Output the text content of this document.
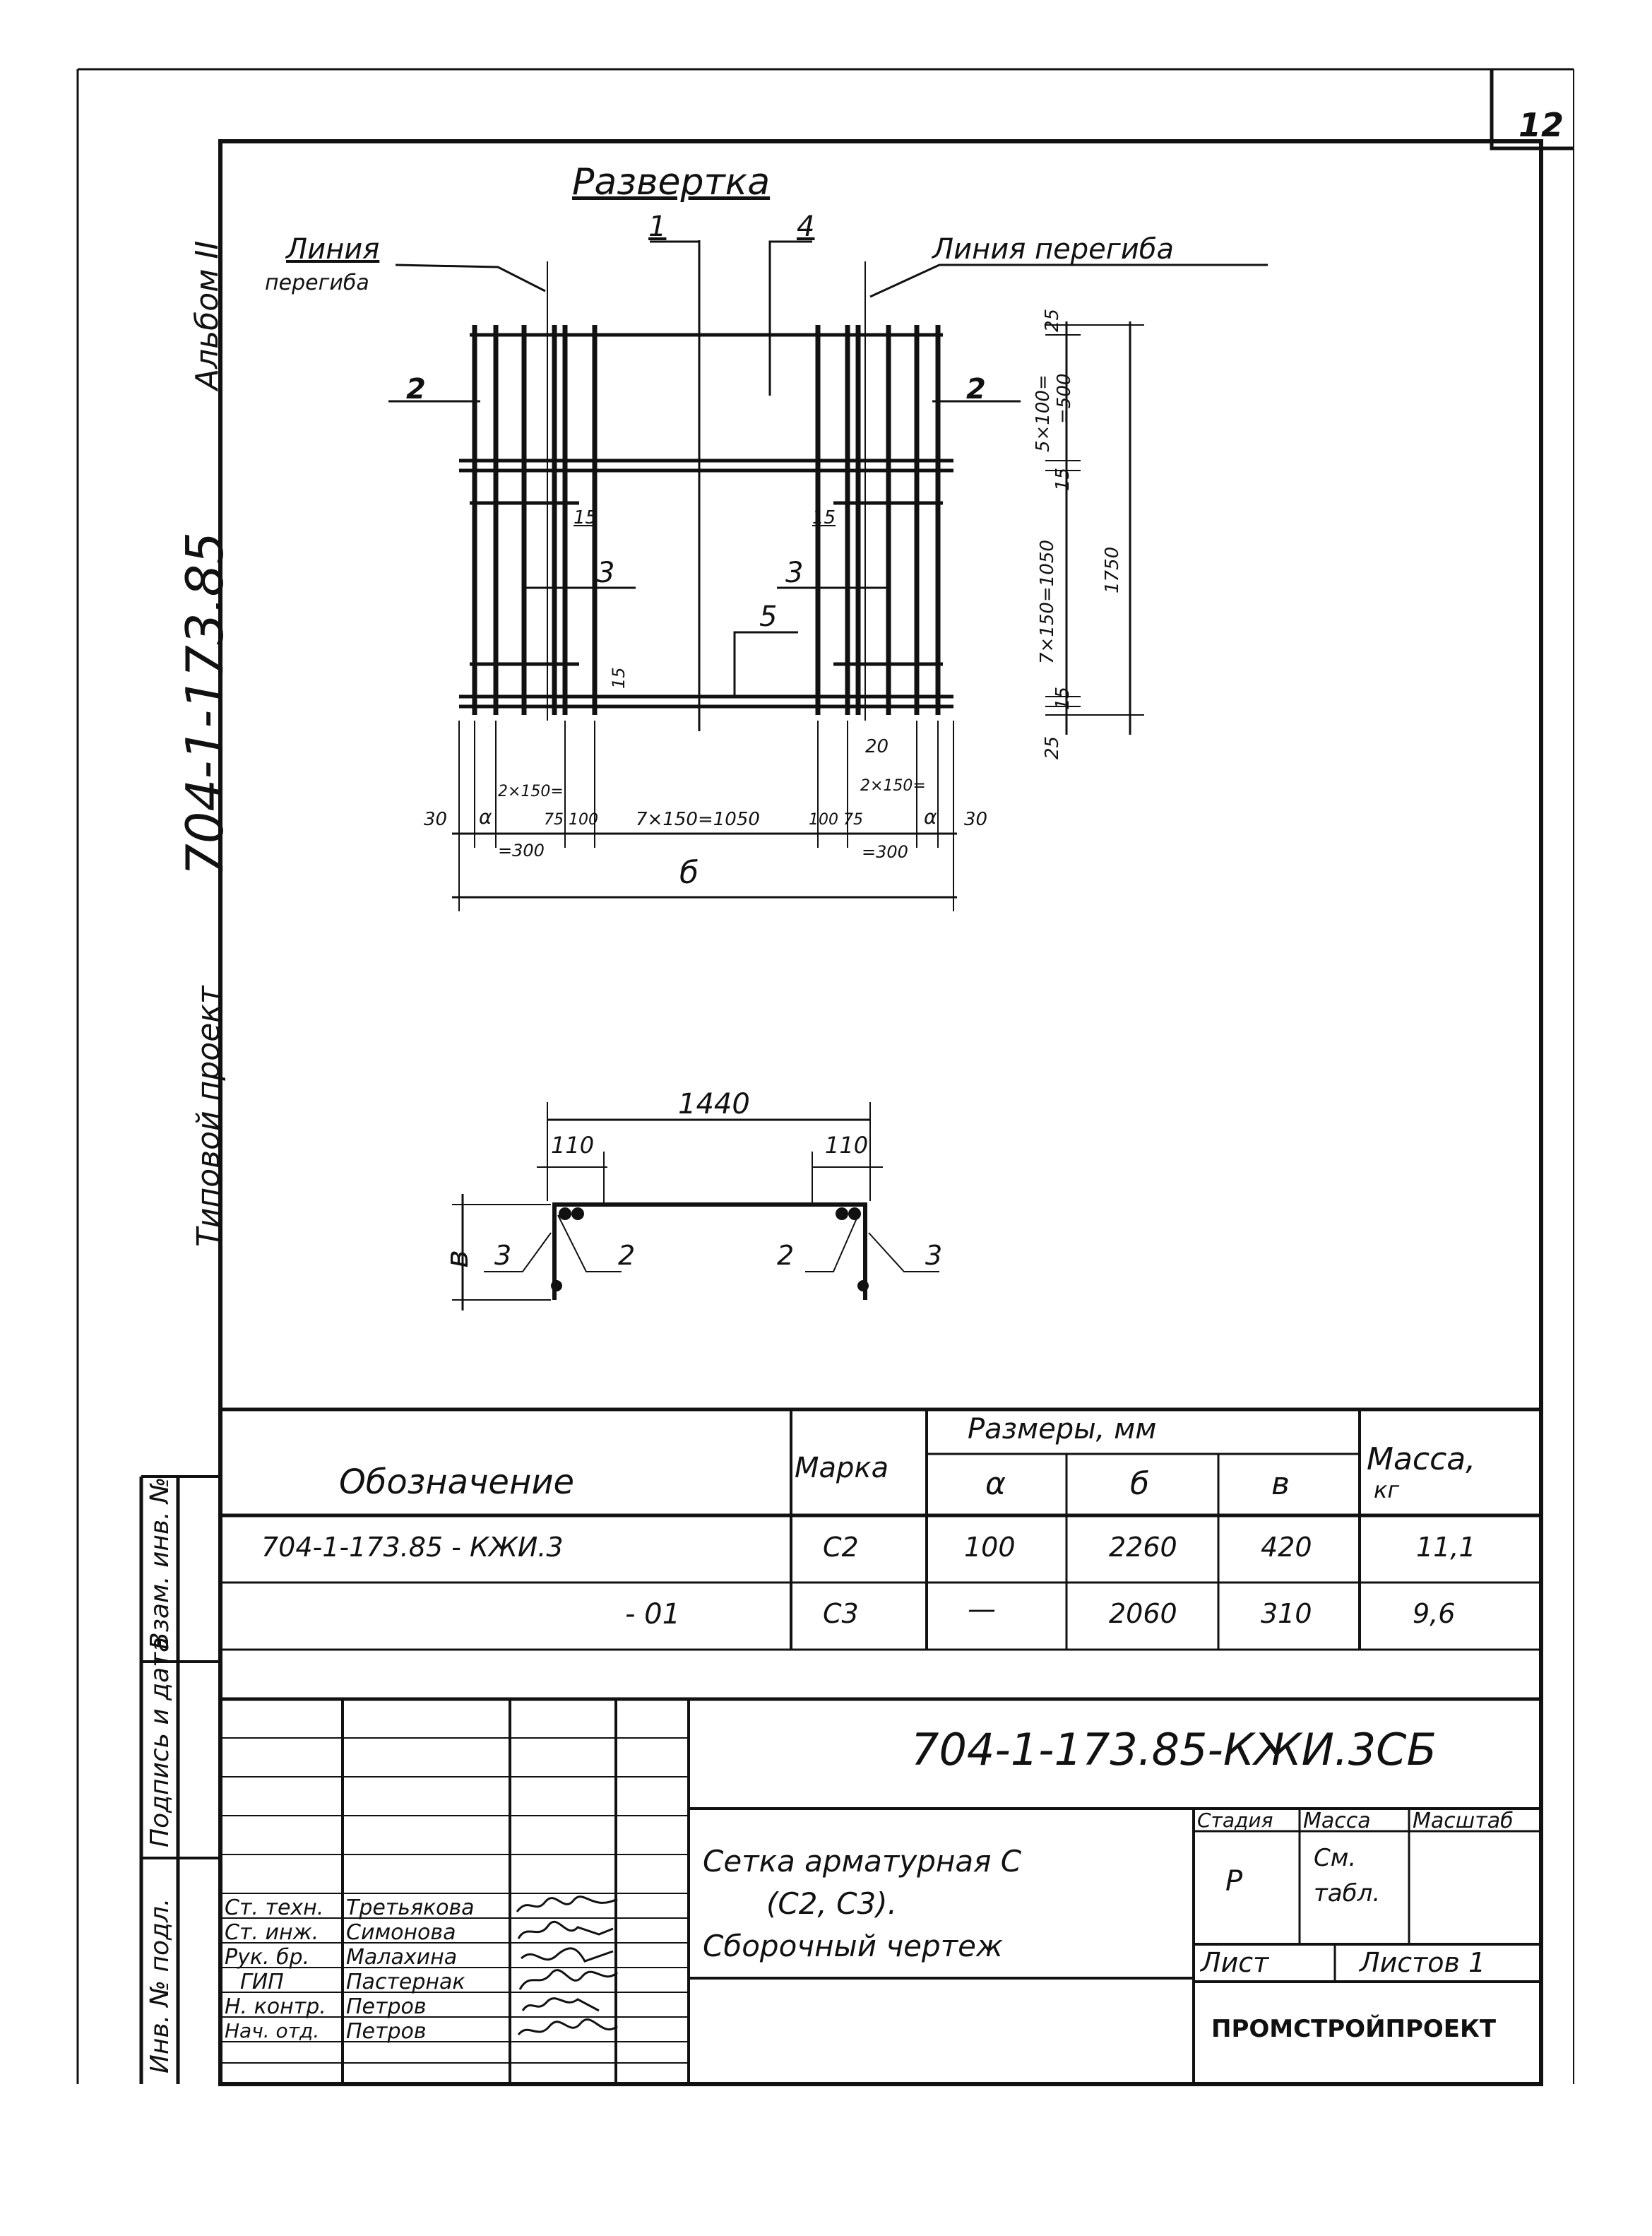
12
Альбом II
704-1-173.85
Типовой проект
Взам. инв. №
Подпись и дата
Инв. № подл.
Развертка
Линия
перегиба
Линия перегиба
1	4
2	2
3	3
5
25
5×100= =500
15
7×150=1050 1750
15
25
15	15
15
20
30 α
2×150=
75 100
=300
7×150=1050	100 75
2×150=
=300
α 30
б
1440
110	110
в 3	2	2	3
Обозначение	Марка
Размеры, мм
α	б	в
Масса,
кг
704-1-173.85 - КЖИ.3	С2	100	2260	420	11,1
- 01	С3	—	2060	310	9,6
704-1-173.85-КЖИ.3СБ
Сетка арматурная С
(С2, С3).
Сборочный чертеж
Стадия Масса Масштаб
Р
См.
табл.
Лист	Листов 1
ПРОМСТРОЙПРОЕКТ
Ст. техн. Третьякова
Ст. инж. Симонова
Рук. бр. Малахина
ГИП	Пастернак
Н. контр. Петров
Нач. отд. Петров
